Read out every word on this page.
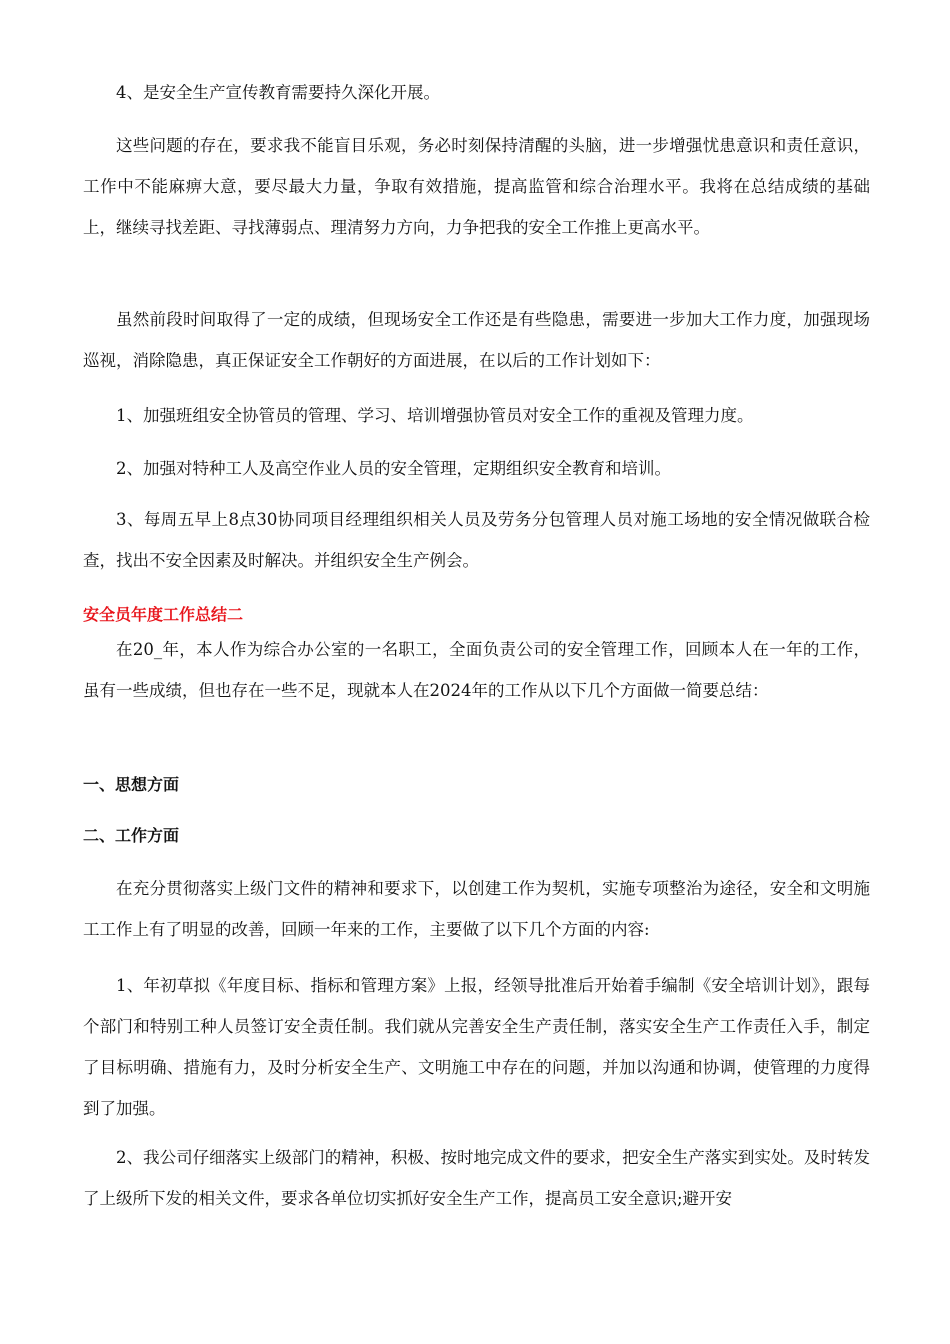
4、是安全生产宣传教育需要持久深化开展。

这些问题的存在，要求我不能盲目乐观，务必时刻保持清醒的头脑，进一步增强忧患意识和责任意识，工作中不能麻痹大意，要尽最大力量，争取有效措施，提高监管和综合治理水平。我将在总结成绩的基础上，继续寻找差距、寻找薄弱点、理清努力方向，力争把我的安全工作推上更高水平。

虽然前段时间取得了一定的成绩，但现场安全工作还是有些隐患，需要进一步加大工作力度，加强现场巡视，消除隐患，真正保证安全工作朝好的方面进展，在以后的工作计划如下：

1、加强班组安全协管员的管理、学习、培训增强协管员对安全工作的重视及管理力度。

2、加强对特种工人及高空作业人员的安全管理，定期组织安全教育和培训。

3、每周五早上8点30协同项目经理组织相关人员及劳务分包管理人员对施工场地的安全情况做联合检查，找出不安全因素及时解决。并组织安全生产例会。

安全员年度工作总结二

在20_年，本人作为综合办公室的一名职工，全面负责公司的安全管理工作，回顾本人在一年的工作，虽有一些成绩，但也存在一些不足，现就本人在2024年的工作从以下几个方面做一简要总结：

一、思想方面

二、工作方面

在充分贯彻落实上级门文件的精神和要求下，以创建工作为契机，实施专项整治为途径，安全和文明施工工作上有了明显的改善，回顾一年来的工作，主要做了以下几个方面的内容:

1、年初草拟《年度目标、指标和管理方案》上报，经领导批准后开始着手编制《安全培训计划》，跟每个部门和特别工种人员签订安全责任制。我们就从完善安全生产责任制，落实安全生产工作责任入手，制定了目标明确、措施有力，及时分析安全生产、文明施工中存在的问题，并加以沟通和协调，使管理的力度得到了加强。

2、我公司仔细落实上级部门的精神，积极、按时地完成文件的要求，把安全生产落实到实处。及时转发了上级所下发的相关文件，要求各单位切实抓好安全生产工作，提高员工安全意识;避开安
